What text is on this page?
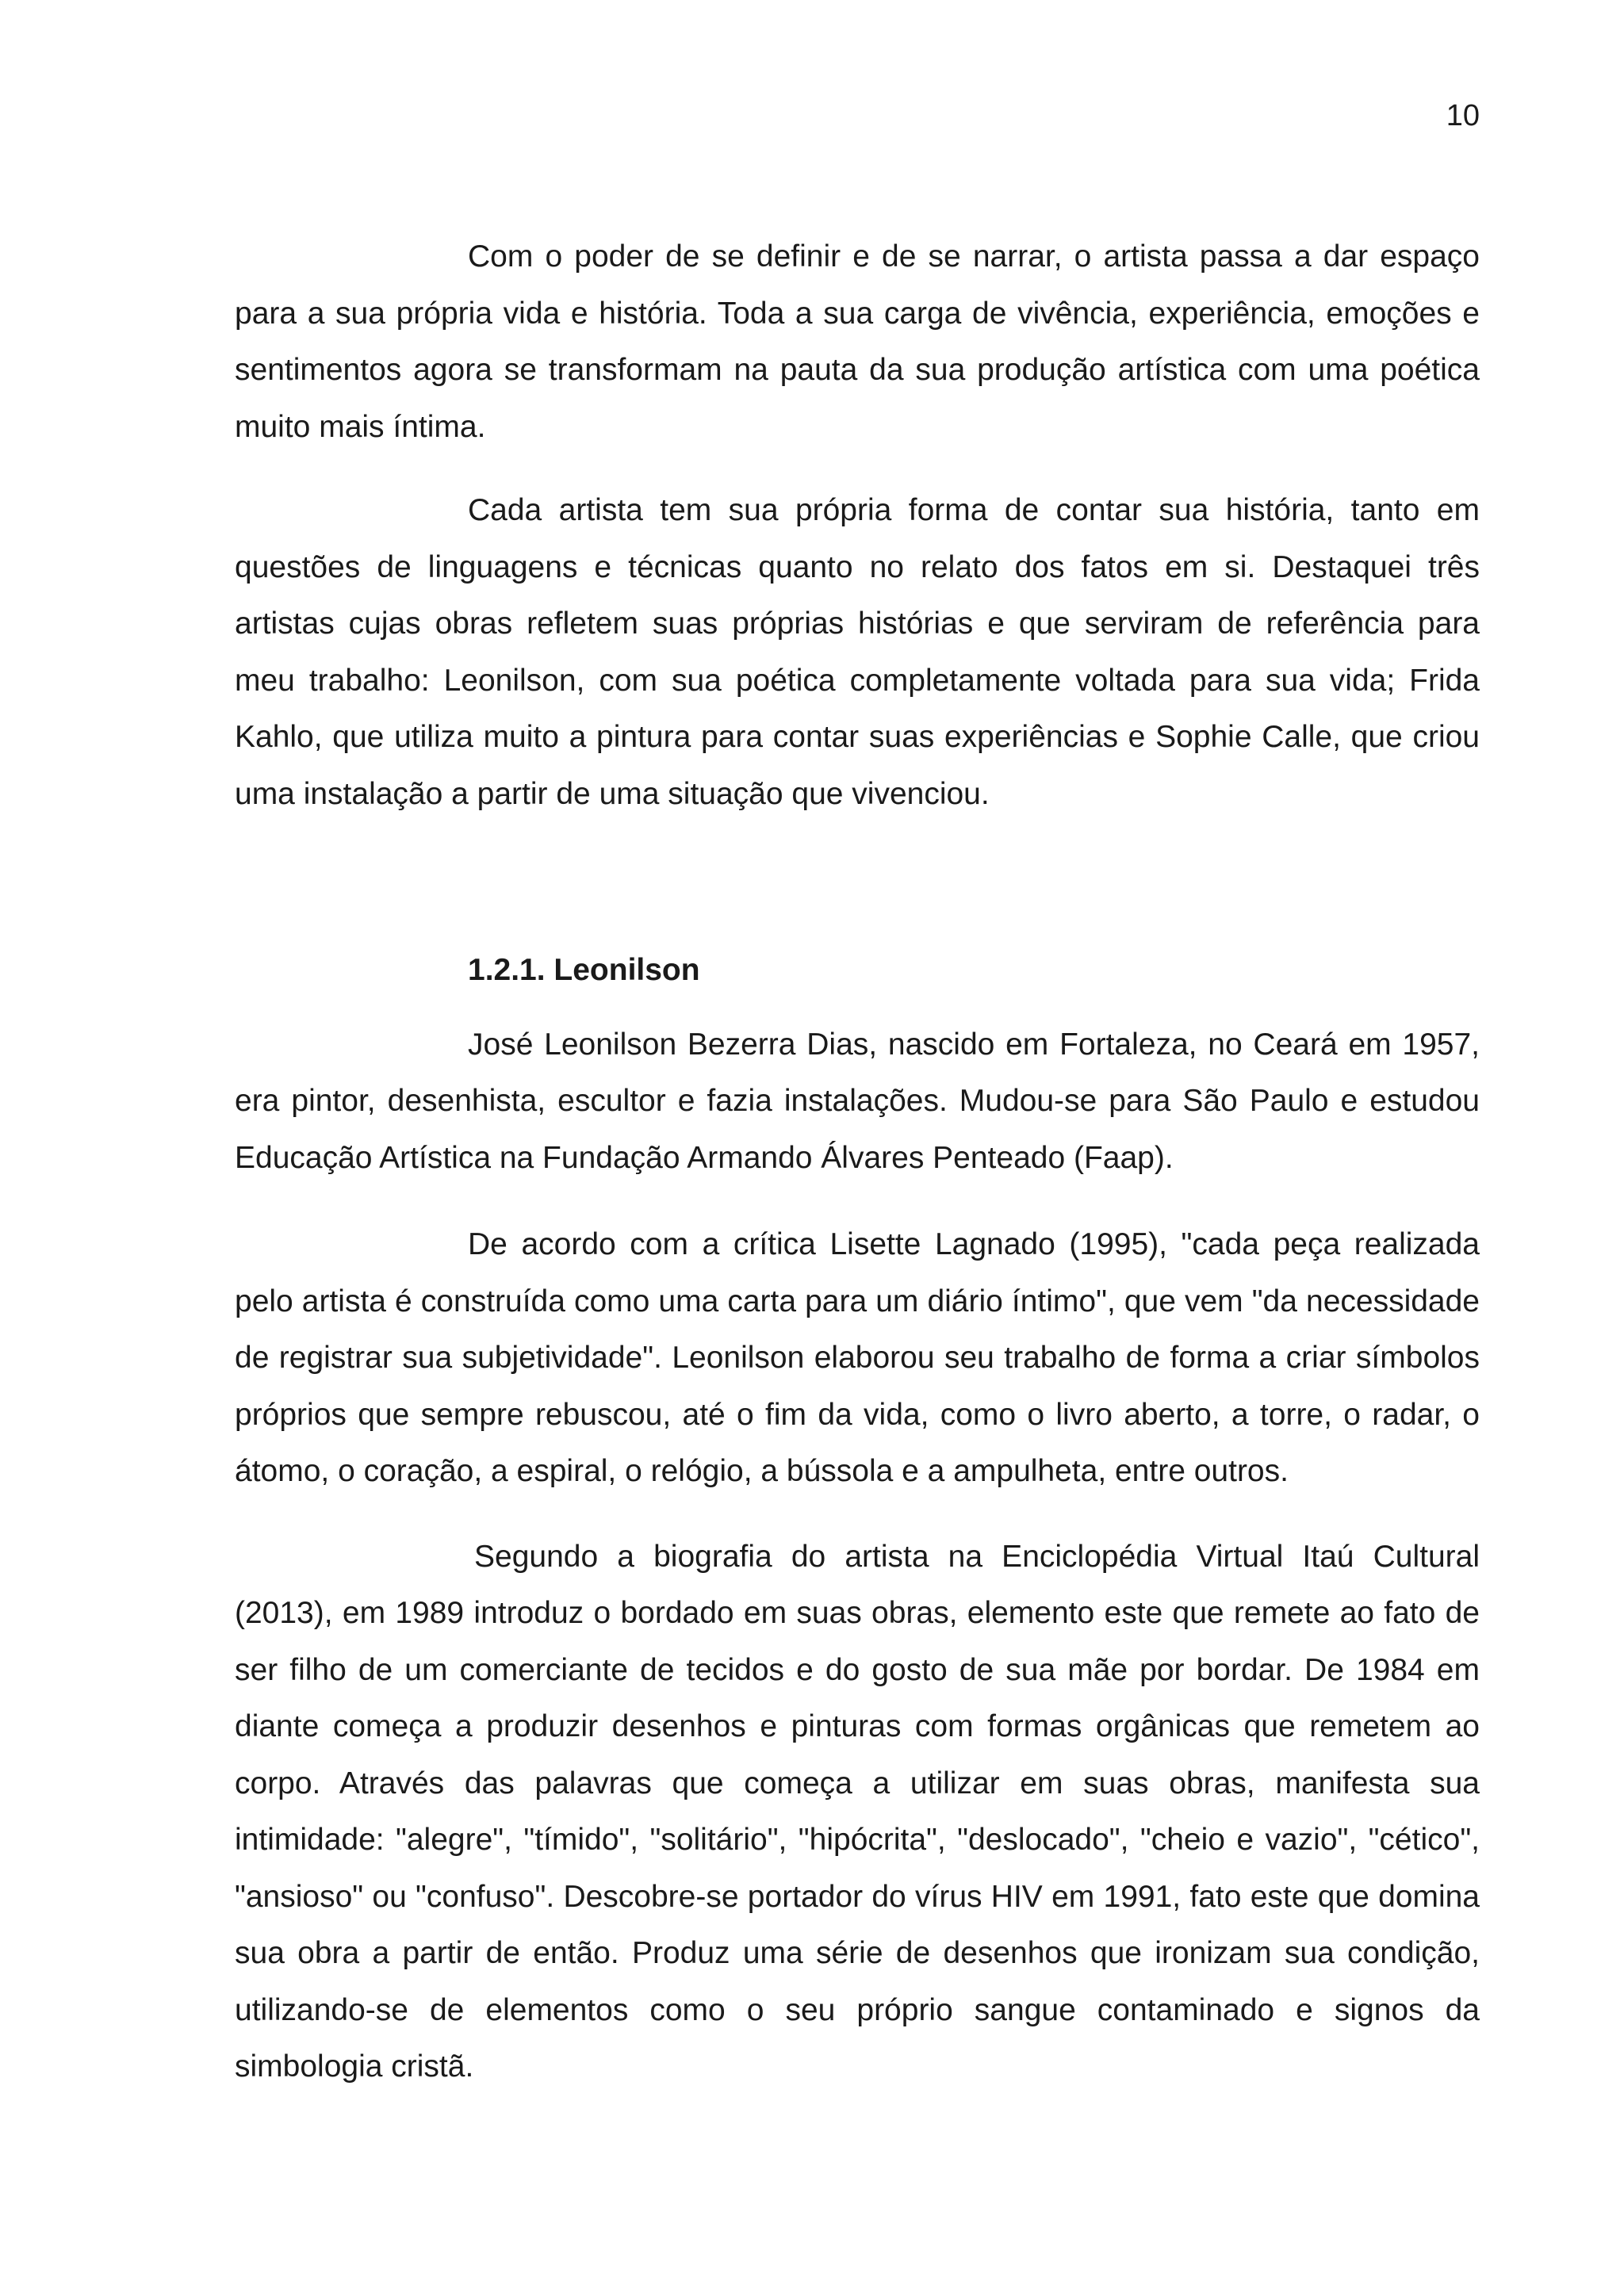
10

Com o poder de se definir e de se narrar, o artista passa a dar espaço para a sua própria vida e história. Toda a sua carga de vivência, experiência, emoções e sentimentos agora se transformam na pauta da sua produção artística com uma poética muito mais íntima.

Cada artista tem sua própria forma de contar sua história, tanto em questões de linguagens e técnicas quanto no relato dos fatos em si. Destaquei três artistas cujas obras refletem suas próprias histórias e que serviram de referência para meu trabalho: Leonilson, com sua poética completamente voltada para sua vida; Frida Kahlo, que utiliza muito a pintura para contar suas experiências e Sophie Calle, que criou uma instalação a partir de uma situação que vivenciou.

1.2.1. Leonilson

José Leonilson Bezerra Dias, nascido em Fortaleza, no Ceará em 1957, era pintor, desenhista, escultor e fazia instalações. Mudou-se para São Paulo e estudou Educação Artística na Fundação Armando Álvares Penteado (Faap).

De acordo com a crítica Lisette Lagnado (1995), "cada peça realizada pelo artista é construída como uma carta para um diário íntimo", que vem "da necessidade de registrar sua subjetividade". Leonilson elaborou seu trabalho de forma a criar símbolos próprios que sempre rebuscou, até o fim da vida, como o livro aberto, a torre, o radar, o átomo, o coração, a espiral, o relógio, a bússola e a ampulheta, entre outros.

Segundo a biografia do artista na Enciclopédia Virtual Itaú Cultural (2013), em 1989 introduz o bordado em suas obras, elemento este que remete ao fato de ser filho de um comerciante de tecidos e do gosto de sua mãe por bordar. De 1984 em diante começa a produzir desenhos e pinturas com formas orgânicas que remetem ao corpo. Através das palavras que começa a utilizar em suas obras, manifesta sua intimidade: "alegre", "tímido", "solitário", "hipócrita", "deslocado", "cheio e vazio", "cético", "ansioso" ou "confuso". Descobre-se portador do vírus HIV em 1991, fato este que domina sua obra a partir de então. Produz uma série de desenhos que ironizam sua condição, utilizando-se de elementos como o seu próprio sangue contaminado e signos da simbologia cristã.
